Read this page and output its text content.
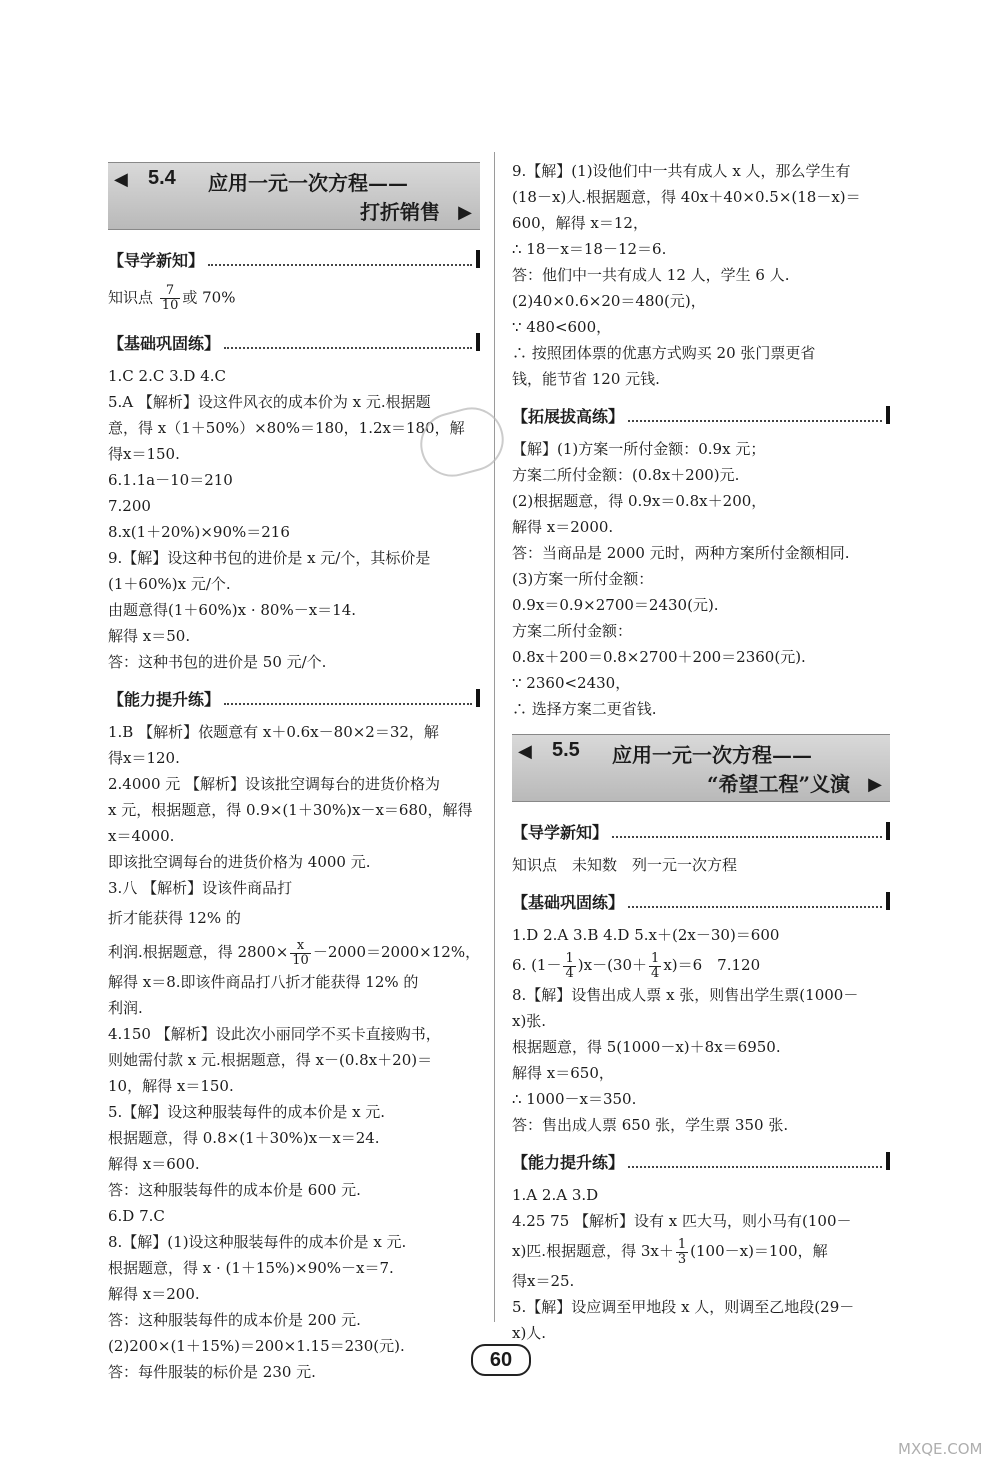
◀ 5.4 应用一元一次方程——
打折销售 ▶
【导学新知】
知识点 $\frac{7}{10}$ 或 70%
【基础巩固练】
1.C 2.C 3.D 4.C
5.A 【解析】设这件风衣的成本价为 x 元.根据题
意，得 x（1＋50%）×80%＝180，1.2x＝180，解
得x＝150.
6.1.1a－10＝210
7.200
8.x(1＋20%)×90%＝216
9.【解】设这种书包的进价是 x 元/个，其标价是
(1＋60%)x 元/个.
由题意得(1＋60%)x · 80%－x＝14.
解得 x＝50.
答：这种书包的进价是 50 元/个.
【能力提升练】
1.B 【解析】依题意有 x＋0.6x－80×2＝32，解
得x＝120.
2.4000 元 【解析】设该批空调每台的进货价格为
x 元，根据题意，得 0.9×(1＋30%)x－x＝680，解得
x＝4000.
即该批空调每台的进货价格为 4000 元.
3.八 【解析】设该件商品打
折才能获得 12% 的
利润.根据题意，得 $2800\times \frac{x}{10} -2000=2000\times 12\%$，
解得 x＝8.即该件商品打八折才能获得 12% 的
利润.
4.150 【解析】设此次小丽同学不买卡直接购书，
则她需付款 x 元.根据题意，得 x－(0.8x＋20)＝
10，解得 x＝150.
5.【解】设这种服装每件的成本价是 x 元.
根据题意，得 0.8×(1＋30%)x－x＝24.
解得 x＝600.
答：这种服装每件的成本价是 600 元.
6.D 7.C
8.【解】(1)设这种服装每件的成本价是 x 元.
根据题意，得 x · (1＋15%)×90%－x＝7.
解得 x＝200.
答：这种服装每件的成本价是 200 元.
(2)200×(1＋15%)＝200×1.15＝230(元).
答：每件服装的标价是 230 元.
9.【解】(1)设他们中一共有成人 x 人，那么学生有
(18－x)人.根据题意，得 40x＋40×0.5×(18－x)＝
600，解得 x＝12，
∴ 18－x＝18－12＝6.
答：他们中一共有成人 12 人，学生 6 人.
(2)40×0.6×20＝480(元)，
∵ 480<600，
∴ 按照团体票的优惠方式购买 20 张门票更省
钱，能节省 120 元钱.
【拓展拔高练】
【解】(1)方案一所付金额：0.9x 元；
方案二所付金额：(0.8x＋200)元.
(2)根据题意，得 0.9x＝0.8x＋200，
解得 x＝2000.
答：当商品是 2000 元时，两种方案所付金额相同.
(3)方案一所付金额：
0.9x＝0.9×2700＝2430(元).
方案二所付金额：
0.8x＋200＝0.8×2700＋200＝2360(元).
∵ 2360<2430，
∴ 选择方案二更省钱.
◀ 5.5 应用一元一次方程——
“希望工程”义演 ▶
【导学新知】
知识点　未知数　列一元一次方程
【基础巩固练】
1.D 2.A 3.B 4.D 5.x＋(2x－30)＝600
6. $(1- \frac{1}{4} )x-(30+ \frac{1}{4} x)=6$　7.120
8.【解】设售出成人票 x 张，则售出学生票(1000－
x)张.
根据题意，得 5(1000－x)＋8x＝6950.
解得 x＝650，
∴ 1000－x＝350.
答：售出成人票 650 张，学生票 350 张.
【能力提升练】
1.A 2.A 3.D
4.25 75 【解析】设有 x 匹大马，则小马有(100－
x)匹.根据题意，得 $3x+ \frac{1}{3} (100-x)=100$，解
得x＝25.
5.【解】设应调至甲地段 x 人，则调至乙地段(29－
x)人.
60
MXQE.COM
